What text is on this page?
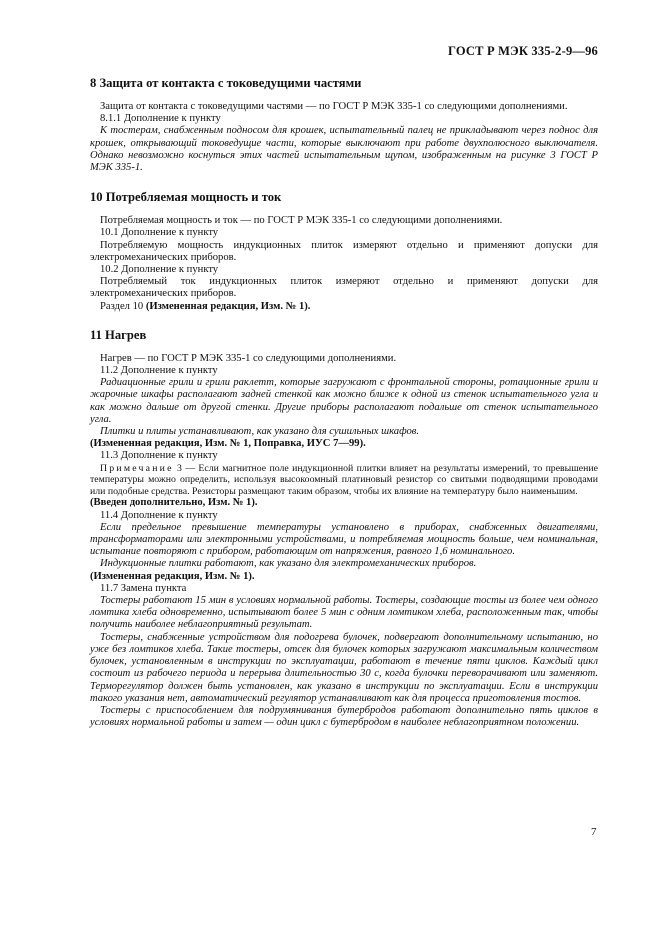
ГОСТ Р МЭК 335-2-9—96
8 Защита от контакта с токоведущими частями

Защита от контакта с токоведущими частями — по ГОСТ Р МЭК 335-1 со следующими дополнениями.

8.1.1 Дополнение к пункту

К тостерам, снабженным подносом для крошек, испытательный палец не прикладывают через поднос для крошек, открывающий токоведущие части, которые выключают при работе двухполюсного выключателя. Однако невозможно коснуться этих частей испытательным щупом, изображенным на рисунке 3 ГОСТ Р МЭК 335-1.

10 Потребляемая мощность и ток

Потребляемая мощность и ток — по ГОСТ Р МЭК 335-1 со следующими дополнениями.

10.1 Дополнение к пункту

Потребляемую мощность индукционных плиток измеряют отдельно и применяют допуски для электромеханических приборов.

10.2 Дополнение к пункту

Потребляемый ток индукционных плиток измеряют отдельно и применяют допуски для электромеханических приборов.

Раздел 10 (Измененная редакция, Изм. № 1).

11 Нагрев

Нагрев — по ГОСТ Р МЭК 335-1 со следующими дополнениями.

11.2 Дополнение к пункту

Радиационные грили и грили раклетт, которые загружают с фронтальной стороны, ротационные грили и жарочные шкафы располагают задней стенкой как можно ближе к одной из стенок испытательного угла и как можно дальше от другой стенки. Другие приборы располагают подальше от стенок испытательного угла.

Плитки и плиты устанавливают, как указано для сушильных шкафов.

(Измененная редакция, Изм. № 1, Поправка, ИУС 7—99).

11.3 Дополнение к пункту

Примечание 3 — Если магнитное поле индукционной плитки влияет на результаты измерений, то превышение температуры можно определить, используя высокоомный платиновый резистор со свитыми подводящими проводами или подобные средства. Резисторы размещают таким образом, чтобы их влияние на температуру было наименьшим.

(Введен дополнительно, Изм. № 1).

11.4 Дополнение к пункту

Если предельное превышение температуры установлено в приборах, снабженных двигателями, трансформаторами или электронными устройствами, и потребляемая мощность больше, чем номинальная, испытание повторяют с прибором, работающим от напряжения, равного 1,6 номинального.

Индукционные плитки работают, как указано для электромеханических приборов.

(Измененная редакция, Изм. № 1).

11.7 Замена пункта

Тостеры работают 15 мин в условиях нормальной работы. Тостеры, создающие тосты из более чем одного ломтика хлеба одновременно, испытывают более 5 мин с одним ломтиком хлеба, расположенным так, чтобы получить наиболее неблагоприятный результат.

Тостеры, снабженные устройством для подогрева булочек, подвергают дополнительному испытанию, но уже без ломтиков хлеба. Такие тостеры, отсек для булочек которых загружают максимальным количеством булочек, установленным в инструкции по эксплуатации, работают в течение пяти циклов. Каждый цикл состоит из рабочего периода и перерыва длительностью 30 с, когда булочки переворачивают или заменяют. Терморегулятор должен быть установлен, как указано в инструкции по эксплуатации. Если в инструкции такого указания нет, автоматический регулятор устанавливают как для процесса приготовления тостов.

Тостеры с приспособлением для подрумянивания бутербродов работают дополнительно пять циклов в условиях нормальной работы и затем — один цикл с бутербродом в наиболее неблагоприятном положении.

7
